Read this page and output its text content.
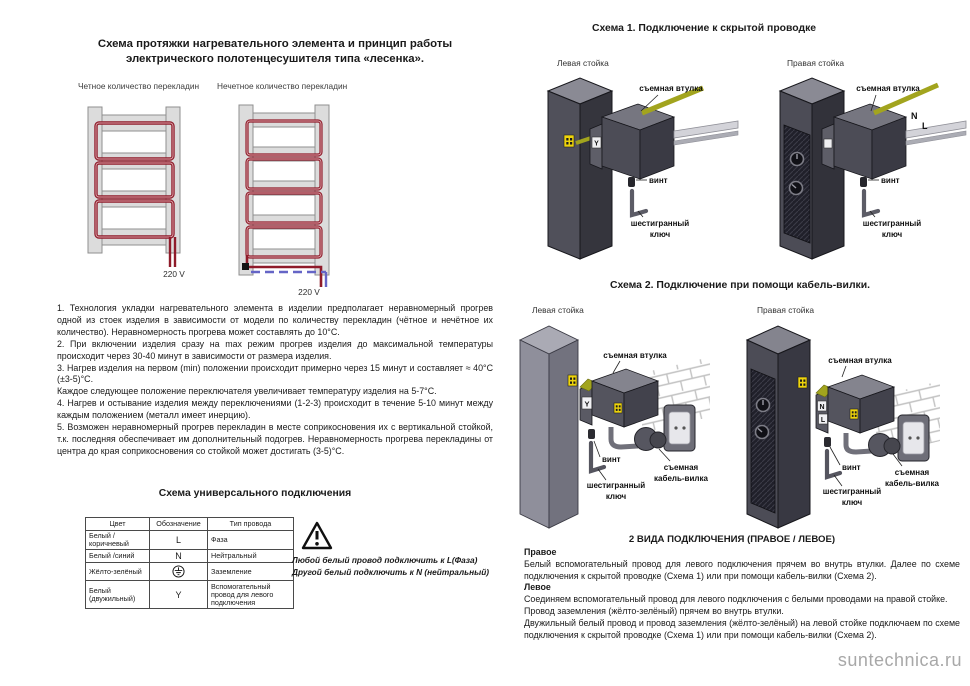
Схема протяжки нагревательного элемента и принцип работы
электрического полотенцесушителя типа «лесенка».
Четное количество перекладин Нечетное количество перекладин
220 V
220 V

1. Технология укладки нагревательного элемента в изделии предполагает неравномерный прогрев одной из стоек изделия в зависимости от модели по количеству перекладин (чётное и нечётное их количество). Неравномерность прогрева может составлять до 10°С.

2. При включении изделия сразу на max режим прогрев изделия до максимальной температуры происходит через 30-40 минут в зависимости от размера изделия.

3. Нагрев изделия на первом (min) положении происходит примерно через 15 минут и составляет ≈ 40°С (±3-5)°С.

Каждое следующее положение переключателя увеличивает температуру изделия на 5-7°С.

4. Нагрев и остывание изделия между переключениями (1-2-3) происходит в течение 5-10 минут между каждым положением (металл имеет инерцию).

5. Возможен неравномерный прогрев перекладин в месте соприкосновения их с вертикальной стойкой, т.к. последняя обеспечивает им дополнительный подогрев. Неравномерность прогрева перекладины от центра до края соприкосновения со стойкой может достигать (3-5)°С.

Схема универсального подключения
Цвет	Обозначение	Тип провода
Белый /коричневый	L	Фаза
Белый /синий	N	Нейтральный
Жёлто-зелёный		Заземление
Белый (двужильный)	Y	Вспомогательный провод для левого подключения
Любой белый провод подключить к L(Фаза)
Другой белый подключить к N (нейтральный)
Схема 1. Подключение к скрытой проводке
Левая стойка	Правая стойка
Y
съемная втулка
винт
шестигранный
ключ
N
L
съемная втулка
винт
шестигранный
ключ
Схема 2. Подключение при помощи кабель-вилки.
Левая стойка	Правая стойка
Y
съемная втулка
винт
шестигранный
ключ
съемная
кабель-вилка
N
L
съемная втулка
винт
шестигранный
ключ
съемная
кабель-вилка
2 ВИДА ПОДКЛЮЧЕНИЯ (ПРАВОЕ / ЛЕВОЕ)
Правое

Белый вспомогательный провод для левого подключения прячем во внутрь втулки. Далее по схеме подключения к скрытой проводке (Схема 1) или при помощи кабель-вилки (Схема 2).

Левое

Соединяем вспомогательный провод для левого подключения с белыми проводами на правой стойке.

Провод заземления (жёлто-зелёный) прячем во внутрь втулки.

Двужильный белый провод и провод заземления (жёлто-зелёный) на левой стойке подключаем по схеме подключения к скрытой проводке (Схема 1) или при помощи кабель-вилки (Схема 2).

suntechnica.ru
